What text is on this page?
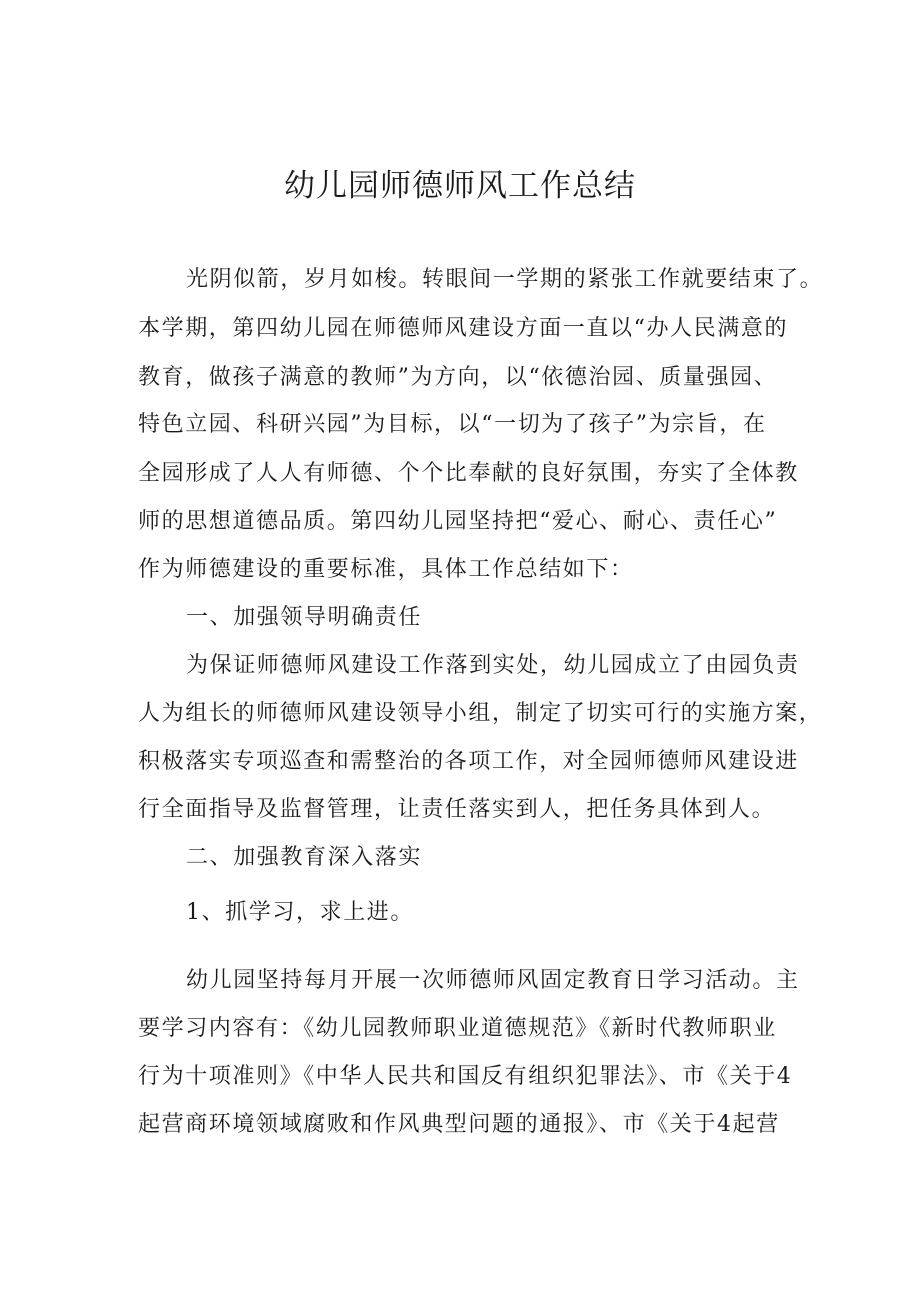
幼儿园师德师风工作总结

光阴似箭，岁月如梭。转眼间一学期的紧张工作就要结束了。

本学期，第四幼儿园在师德师风建设方面一直以“办人民满意的

教育，做孩子满意的教师”为方向，以“依德治园、质量强园、

特色立园、科研兴园”为目标，以“一切为了孩子”为宗旨，在

全园形成了人人有师德、个个比奉献的良好氛围，夯实了全体教

师的思想道德品质。第四幼儿园坚持把“爱心、耐心、责任心”

作为师德建设的重要标准，具体工作总结如下：

一、加强领导明确责任

为保证师德师风建设工作落到实处，幼儿园成立了由园负责

人为组长的师德师风建设领导小组，制定了切实可行的实施方案，

积极落实专项巡查和需整治的各项工作，对全园师德师风建设进

行全面指导及监督管理，让责任落实到人，把任务具体到人。

二、加强教育深入落实

1、抓学习，求上进。

幼儿园坚持每月开展一次师德师风固定教育日学习活动。主

要学习内容有：《幼儿园教师职业道德规范》《新时代教师职业

行为十项准则》《中华人民共和国反有组织犯罪法》、市《关于4

起营商环境领域腐败和作风典型问题的通报》、市《关于4起营
